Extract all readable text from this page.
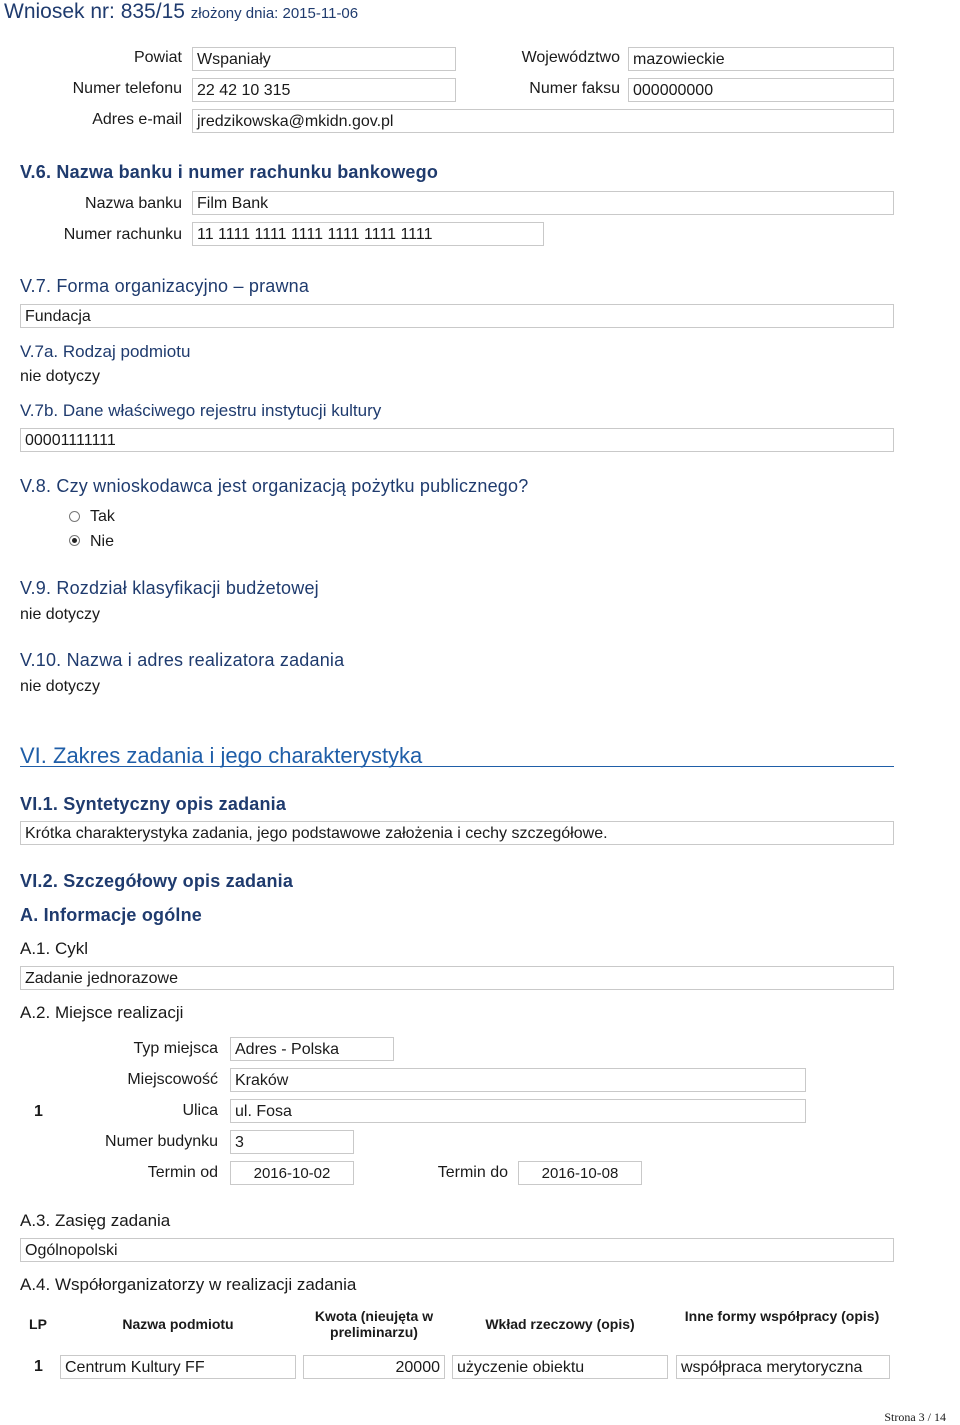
Wniosek nr: 835/15 złożony dnia: 2015-11-06
Powiat Wspaniały	Województwo mazowieckie
Numer telefonu 22 42 10 315	Numer faksu 000000000
Adres e-mail jredzikowska@mkidn.gov.pl
V.6. Nazwa banku i numer rachunku bankowego
Nazwa banku Film Bank
Numer rachunku 11 1111 1111 1111 1111 1111 1111
V.7. Forma organizacyjno – prawna
Fundacja
V.7a. Rodzaj podmiotu
nie dotyczy
V.7b. Dane właściwego rejestru instytucji kultury
00001111111
V.8. Czy wnioskodawca jest organizacją pożytku publicznego?
Tak
Nie
V.9. Rozdział klasyfikacji budżetowej
nie dotyczy
V.10. Nazwa i adres realizatora zadania
nie dotyczy
VI. Zakres zadania i jego charakterystyka
VI.1. Syntetyczny opis zadania
Krótka charakterystyka zadania, jego podstawowe założenia i cechy szczegółowe.
VI.2. Szczegółowy opis zadania
A. Informacje ogólne
A.1. Cykl
Zadanie jednorazowe
A.2. Miejsce realizacji
1
Typ miejsca	Adres - Polska
Miejscowość	Kraków
Ulica	ul. Fosa
Numer budynku	3
Termin od	2016-10-02	Termin do	2016-10-08
A.3. Zasięg zadania
Ogólnopolski
A.4. Współorganizatorzy w realizacji zadania
LP	Nazwa podmiotu	Kwota (nieujęta w preliminarzu)	Wkład rzeczowy (opis)	Inne formy współpracy (opis)
1	Centrum Kultury FF	20000	użyczenie obiektu	współpraca merytoryczna
Strona 3 / 14
